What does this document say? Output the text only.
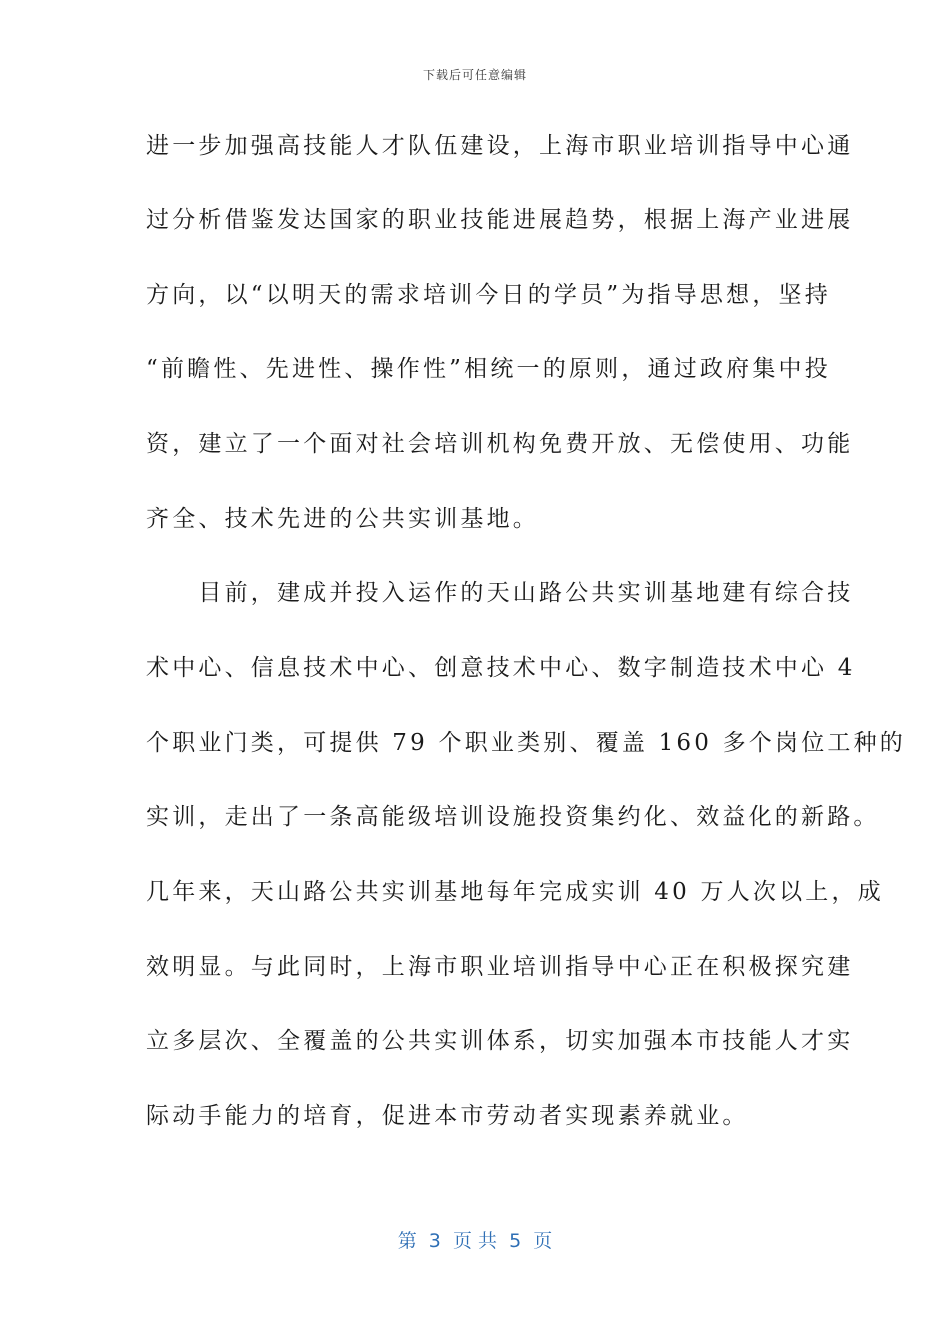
下载后可任意编辑
进一步加强高技能人才队伍建设，上海市职业培训指导中心通
过分析借鉴发达国家的职业技能进展趋势，根据上海产业进展
方向，以“以明天的需求培训今日的学员”为指导思想，坚持
“前瞻性、先进性、操作性”相统一的原则，通过政府集中投
资，建立了一个面对社会培训机构免费开放、无偿使用、功能
齐全、技术先进的公共实训基地。
　　目前，建成并投入运作的天山路公共实训基地建有综合技
术中心、信息技术中心、创意技术中心、数字制造技术中心 4
个职业门类，可提供 79 个职业类别、覆盖 160 多个岗位工种的
实训，走出了一条高能级培训设施投资集约化、效益化的新路。
几年来，天山路公共实训基地每年完成实训 40 万人次以上，成
效明显。与此同时，上海市职业培训指导中心正在积极探究建
立多层次、全覆盖的公共实训体系，切实加强本市技能人才实
际动手能力的培育，促进本市劳动者实现素养就业。
第  3  页 共  5  页
